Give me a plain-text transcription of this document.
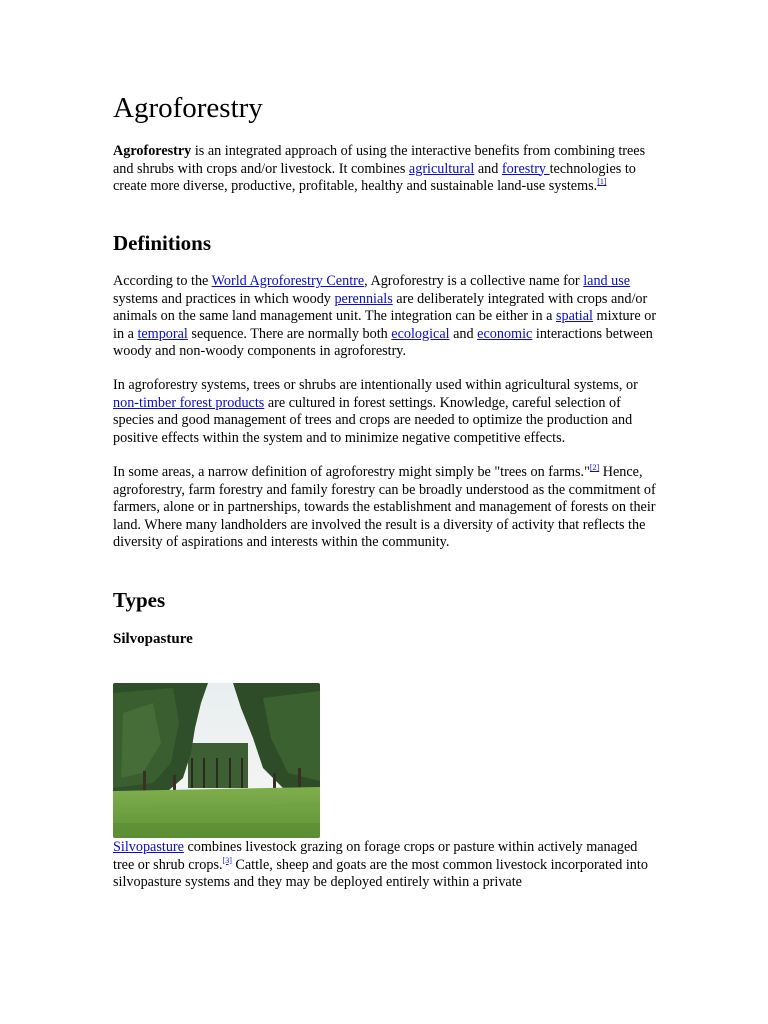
Agroforestry

Agroforestry is an integrated approach of using the interactive benefits from combining trees and shrubs with crops and/or livestock. It combines agricultural and forestry technologies to create more diverse, productive, profitable, healthy and sustainable land-use systems.[1]

Definitions

According to the World Agroforestry Centre, Agroforestry is a collective name for land use systems and practices in which woody perennials are deliberately integrated with crops and/or animals on the same land management unit. The integration can be either in a spatial mixture or in a temporal sequence. There are normally both ecological and economic interactions between woody and non-woody components in agroforestry.

In agroforestry systems, trees or shrubs are intentionally used within agricultural systems, or non-timber forest products are cultured in forest settings. Knowledge, careful selection of species and good management of trees and crops are needed to optimize the production and positive effects within the system and to minimize negative competitive effects.

In some areas, a narrow definition of agroforestry might simply be "trees on farms."[2] Hence, agroforestry, farm forestry and family forestry can be broadly understood as the commitment of farmers, alone or in partnerships, towards the establishment and management of forests on their land. Where many landholders are involved the result is a diversity of activity that reflects the diversity of aspirations and interests within the community.

Types
Silvopasture

Silvopasture combines livestock grazing on forage crops or pasture within actively managed tree or shrub crops.[3] Cattle, sheep and goats are the most common livestock incorporated into silvopasture systems and they may be deployed entirely within a private
